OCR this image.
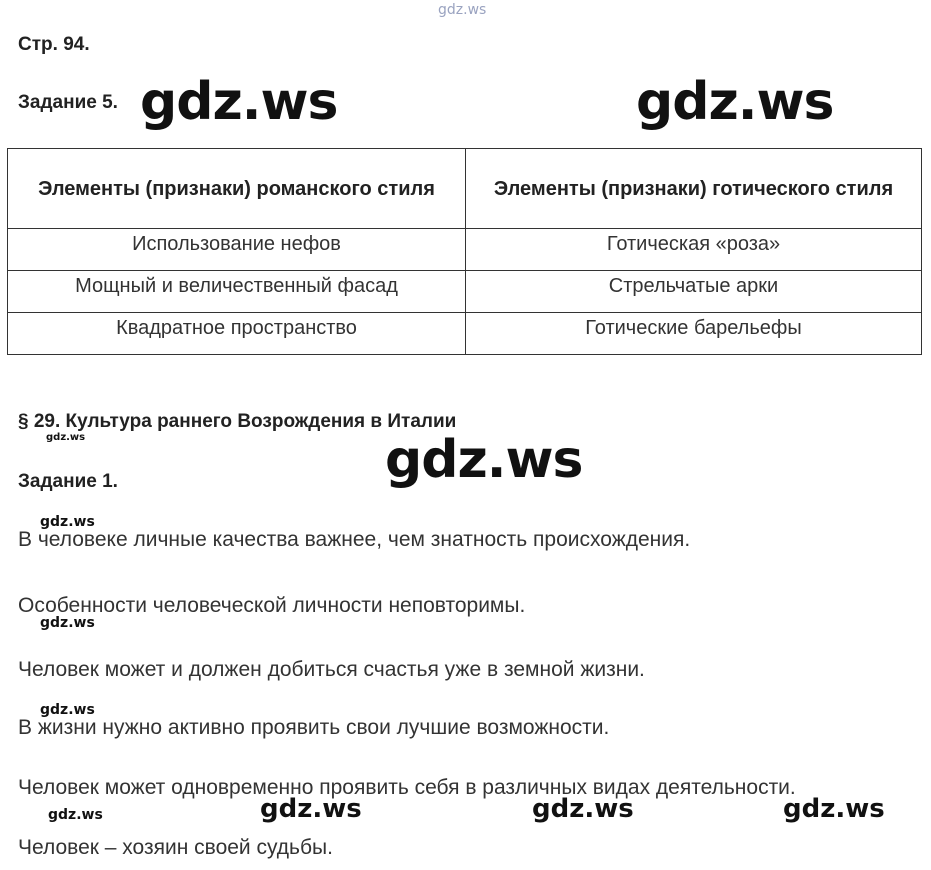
gdz.ws
Стр. 94.
Задание 5. gdz.ws	gdz.ws
Элементы (признаки) романского стиля	Элементы (признаки) готического стиля
Использование нефов	Готическая «роза»
Мощный и величественный фасад	Стрельчатые арки
Квадратное пространство	Готические барельефы
§ 29. Культура раннего Возрождения в Италии
gdz.ws	gdz.ws
Задание 1.
gdz.ws
В человеке личные качества важнее, чем знатность происхождения.
Особенности человеческой личности неповторимы.
gdz.ws
Человек может и должен добиться счастья уже в земной жизни.
gdz.ws
В жизни нужно активно проявить свои лучшие возможности.
Человек может одновременно проявить себя в различных видах деятельности.
gdz.ws	gdz.ws	gdz.ws	gdz.ws
Человек – хозяин своей судьбы.
